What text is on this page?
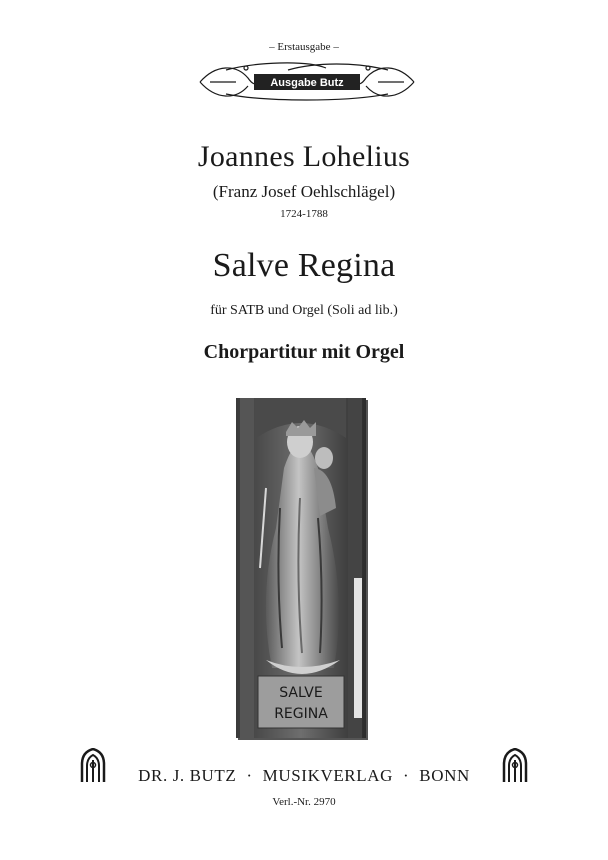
– Erstausgabe –
Ausgabe Butz
Joannes Lohelius
(Franz Josef Oehlschlägel)
1724-1788
Salve Regina
für SATB und Orgel (Soli ad lib.)
Chorpartitur mit Orgel
SALVE
REGINA
DR. J. BUTZ · MUSIKVERLAG · BONN
Verl.-Nr. 2970
